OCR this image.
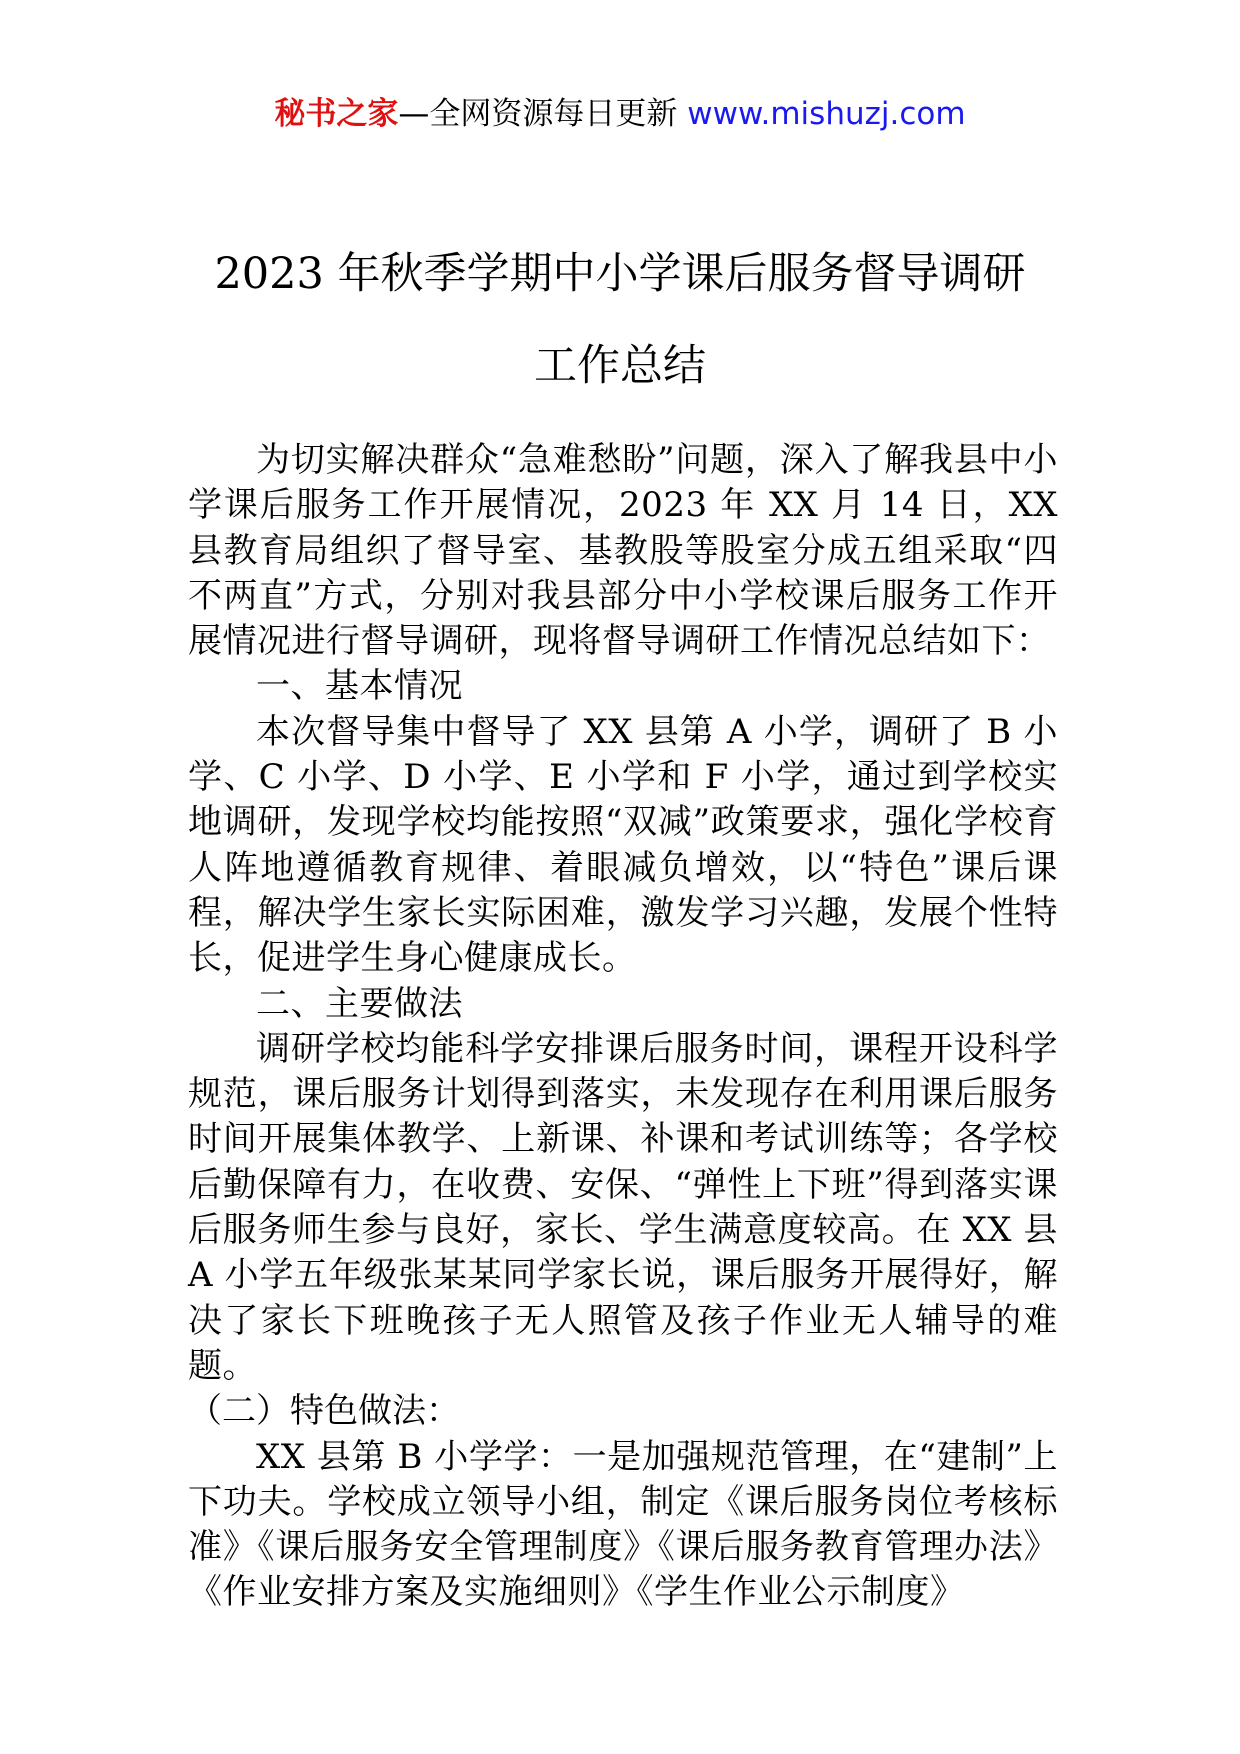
秘书之家—全网资源每日更新 www.mishuzj.com
2023 年秋季学期中小学课后服务督导调研
工作总结

为切实解决群众“急难愁盼”问题，深入了解我县中小学课后服务工作开展情况，2023 年 XX 月 14 日，XX 县教育局组织了督导室、基教股等股室分成五组采取“四不两直”方式，分别对我县部分中小学校课后服务工作开展情况进行督导调研，现将督导调研工作情况总结如下：

一、基本情况

本次督导集中督导了 XX 县第 A 小学，调研了 B 小学、C 小学、D 小学、E 小学和 F 小学，通过到学校实地调研，发现学校均能按照“双减”政策要求，强化学校育人阵地遵循教育规律、着眼减负增效，以“特色”课后课程，解决学生家长实际困难，激发学习兴趣，发展个性特长，促进学生身心健康成长。

二、主要做法

调研学校均能科学安排课后服务时间，课程开设科学规范，课后服务计划得到落实，未发现存在利用课后服务时间开展集体教学、上新课、补课和考试训练等；各学校后勤保障有力，在收费、安保、“弹性上下班”得到落实课后服务师生参与良好，家长、学生满意度较高。在 XX 县 A 小学五年级张某某同学家长说，课后服务开展得好，解决了家长下班晚孩子无人照管及孩子作业无人辅导的难题。

（二）特色做法：

XX 县第 B 小学学：一是加强规范管理，在“建制”上下功夫。学校成立领导小组，制定《课后服务岗位考核标准》《课后服务安全管理制度》《课后服务教育管理办法》《作业安排方案及实施细则》《学生作业公示制度》
